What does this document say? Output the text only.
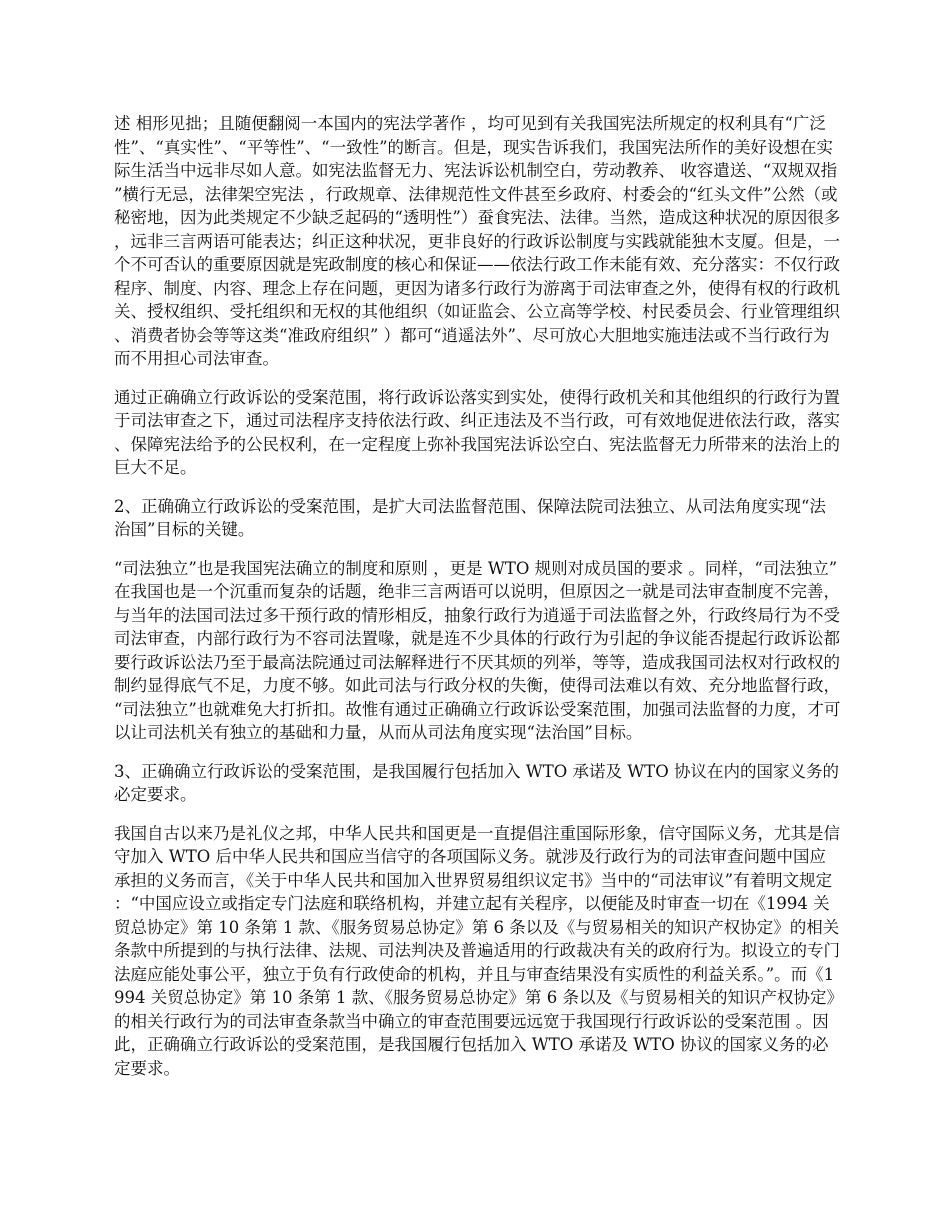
述 相形见拙；且随便翻阅一本国内的宪法学著作 ，均可见到有关我国宪法所规定的权利具有“广泛性”、“真实性”、“平等性”、“一致性”的断言。但是，现实告诉我们，我国宪法所作的美好设想在实际生活当中远非尽如人意。如宪法监督无力、宪法诉讼机制空白，劳动教养、 收容遣送、“双规双指”横行无忌，法律架空宪法 ，行政规章、法律规范性文件甚至乡政府、村委会的“红头文件”公然（或秘密地，因为此类规定不少缺乏起码的“透明性”）蚕食宪法、法律。当然，造成这种状况的原因很多，远非三言两语可能表达；纠正这种状况，更非良好的行政诉讼制度与实践就能独木支厦。但是，一个不可否认的重要原因就是宪政制度的核心和保证——依法行政工作未能有效、充分落实：不仅行政程序、制度、内容、理念上存在问题，更因为诸多行政行为游离于司法审查之外，使得有权的行政机关、授权组织、受托组织和无权的其他组织（如证监会、公立高等学校、村民委员会、行业管理组织、消费者协会等等这类“准政府组织” ）都可“逍遥法外”、尽可放心大胆地实施违法或不当行政行为而不用担心司法审查。

通过正确确立行政诉讼的受案范围，将行政诉讼落实到实处，使得行政机关和其他组织的行政行为置于司法审查之下，通过司法程序支持依法行政、纠正违法及不当行政，可有效地促进依法行政，落实、保障宪法给予的公民权利，在一定程度上弥补我国宪法诉讼空白、宪法监督无力所带来的法治上的巨大不足。

2、正确确立行政诉讼的受案范围，是扩大司法监督范围、保障法院司法独立、从司法角度实现“法治国”目标的关键。

“司法独立”也是我国宪法确立的制度和原则 ，更是 WTO 规则对成员国的要求 。同样，“司法独立”在我国也是一个沉重而复杂的话题，绝非三言两语可以说明，但原因之一就是司法审查制度不完善，与当年的法国司法过多干预行政的情形相反，抽象行政行为逍遥于司法监督之外，行政终局行为不受司法审查，内部行政行为不容司法置喙，就是连不少具体的行政行为引起的争议能否提起行政诉讼都要行政诉讼法乃至于最高法院通过司法解释进行不厌其烦的列举，等等，造成我国司法权对行政权的制约显得底气不足，力度不够。如此司法与行政分权的失衡，使得司法难以有效、充分地监督行政，“司法独立”也就难免大打折扣。故惟有通过正确确立行政诉讼受案范围，加强司法监督的力度，才可以让司法机关有独立的基础和力量，从而从司法角度实现“法治国”目标。

3、正确确立行政诉讼的受案范围，是我国履行包括加入 WTO 承诺及 WTO 协议在内的国家义务的必定要求。

我国自古以来乃是礼仪之邦，中华人民共和国更是一直提倡注重国际形象，信守国际义务，尤其是信守加入 WTO 后中华人民共和国应当信守的各项国际义务。就涉及行政行为的司法审查问题中国应承担的义务而言，《关于中华人民共和国加入世界贸易组织议定书》当中的“司法审议”有着明文规定：“中国应设立或指定专门法庭和联络机构，并建立起有关程序，以便能及时审查一切在《1994 关贸总协定》第 10 条第 1 款、《服务贸易总协定》第 6 条以及《与贸易相关的知识产权协定》的相关条款中所提到的与执行法律、法规、司法判决及普遍适用的行政裁决有关的政府行为。拟设立的专门法庭应能处事公平，独立于负有行政使命的机构，并且与审查结果没有实质性的利益关系。”。而《1994 关贸总协定》第 10 条第 1 款、《服务贸易总协定》第 6 条以及《与贸易相关的知识产权协定》的相关行政行为的司法审查条款当中确立的审查范围要远远宽于我国现行行政诉讼的受案范围 。因此，正确确立行政诉讼的受案范围，是我国履行包括加入 WTO 承诺及 WTO 协议的国家义务的必定要求。
